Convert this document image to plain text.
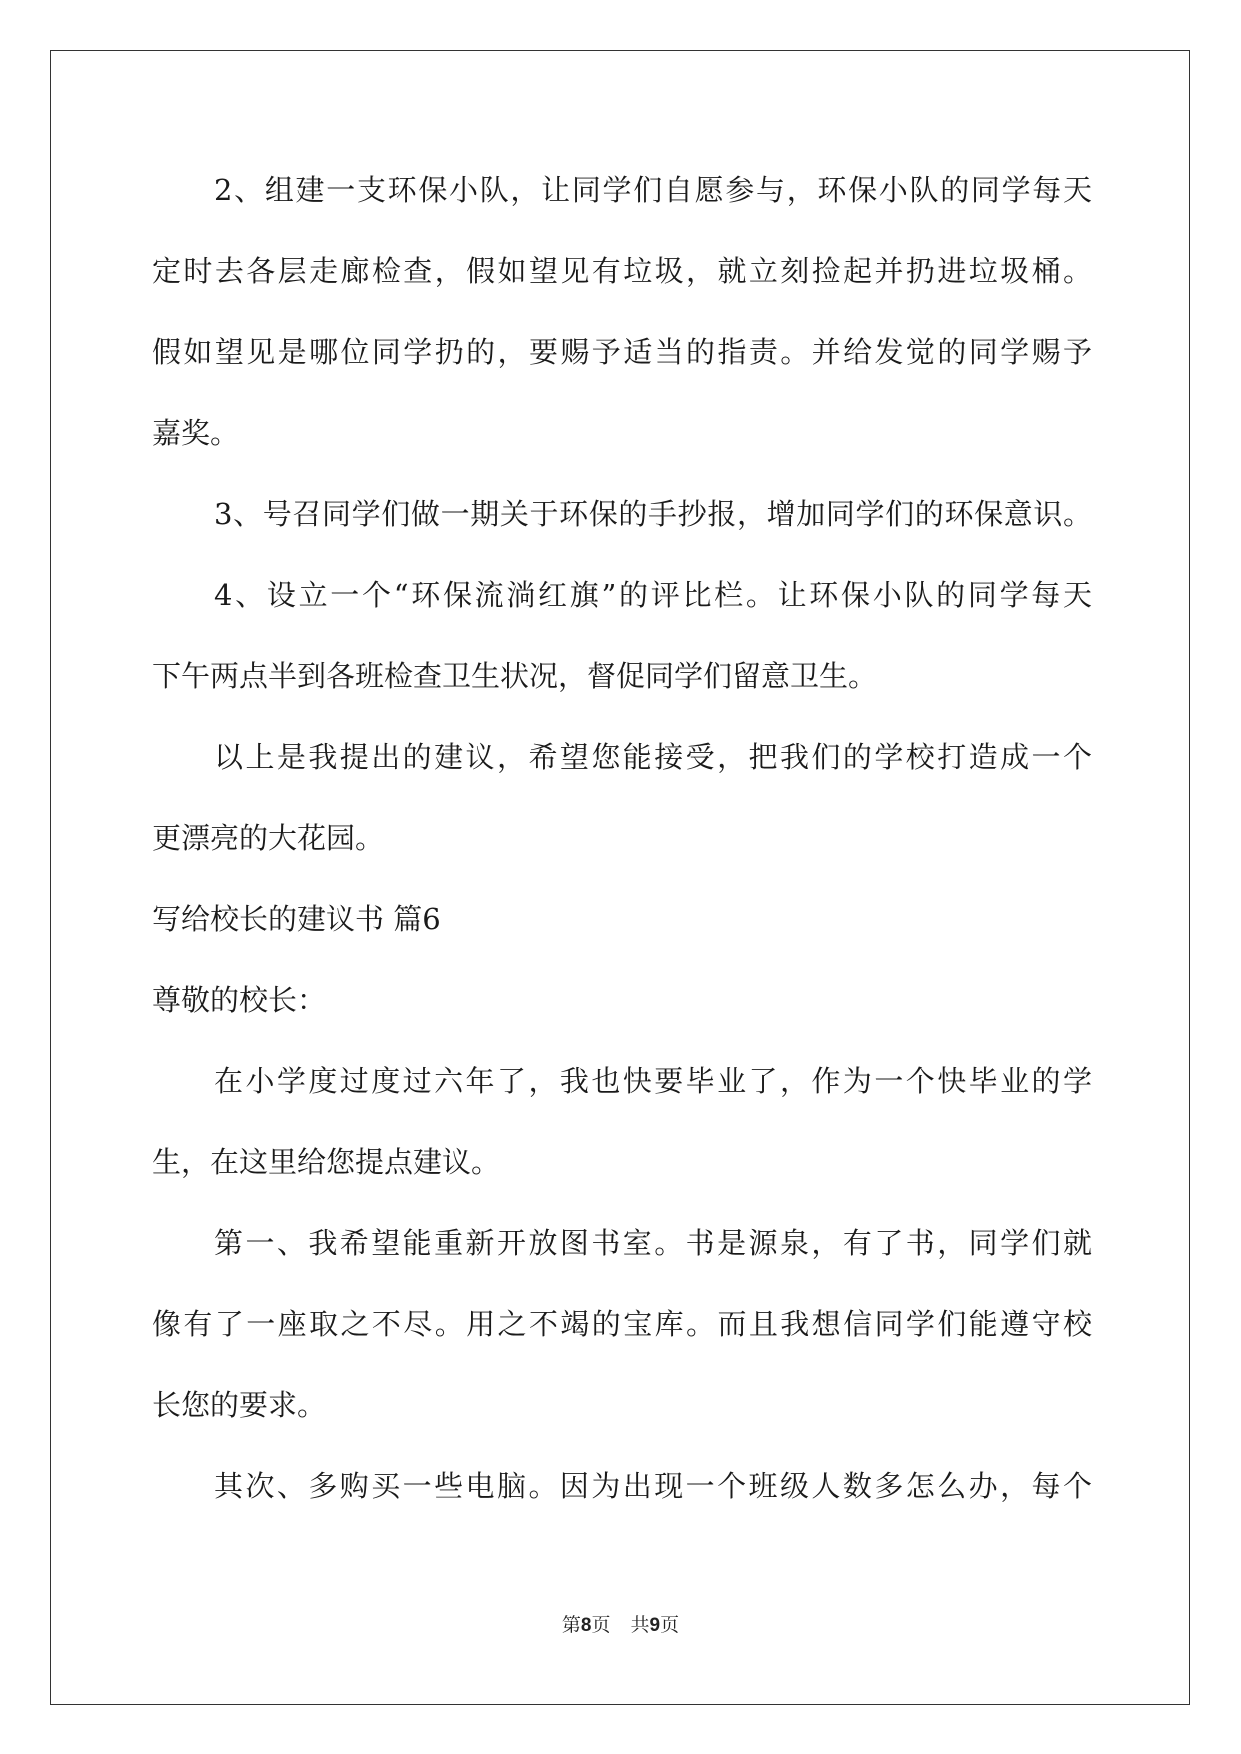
2、组建一支环保小队，让同学们自愿参与，环保小队的同学每天
定时去各层走廊检查，假如望见有垃圾，就立刻捡起并扔进垃圾桶。
假如望见是哪位同学扔的，要赐予适当的指责。并给发觉的同学赐予
嘉奖。
3、号召同学们做一期关于环保的手抄报，增加同学们的环保意识。
4、设立一个“环保流淌红旗”的评比栏。让环保小队的同学每天
下午两点半到各班检查卫生状况，督促同学们留意卫生。
以上是我提出的建议，希望您能接受，把我们的学校打造成一个
更漂亮的大花园。
写给校长的建议书 篇6
尊敬的校长：
在小学度过度过六年了，我也快要毕业了，作为一个快毕业的学
生，在这里给您提点建议。
第一、我希望能重新开放图书室。书是源泉，有了书，同学们就
像有了一座取之不尽。用之不竭的宝库。而且我想信同学们能遵守校
长您的要求。
其次、多购买一些电脑。因为出现一个班级人数多怎么办，每个
第8页 共9页
